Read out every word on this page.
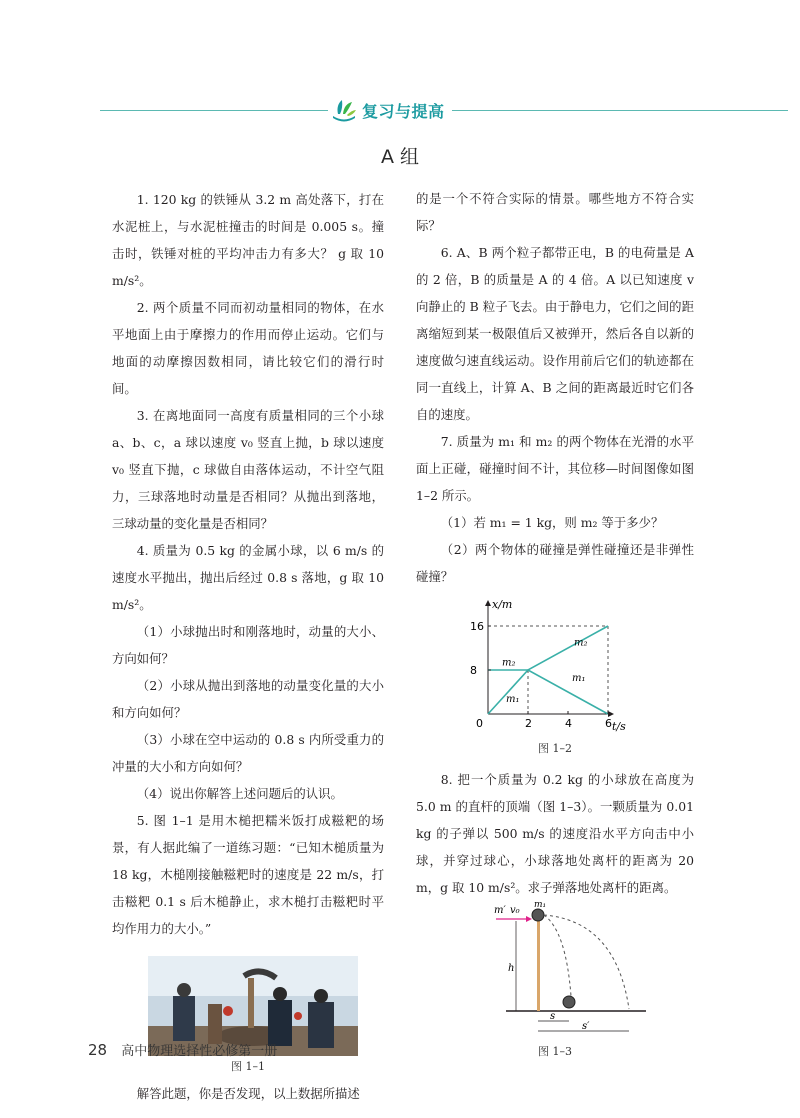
复习与提高
A 组

1. 120 kg 的铁锤从 3.2 m 高处落下，打在水泥桩上，与水泥桩撞击的时间是 0.005 s。撞击时，铁锤对桩的平均冲击力有多大？ g 取 10 m/s²。

2. 两个质量不同而初动量相同的物体，在水平地面上由于摩擦力的作用而停止运动。它们与地面的动摩擦因数相同，请比较它们的滑行时间。

3. 在离地面同一高度有质量相同的三个小球 a、b、c，a 球以速度 v₀ 竖直上抛，b 球以速度 v₀ 竖直下抛，c 球做自由落体运动，不计空气阻力，三球落地时动量是否相同？从抛出到落地，三球动量的变化量是否相同？

4. 质量为 0.5 kg 的金属小球，以 6 m/s 的速度水平抛出，抛出后经过 0.8 s 落地，g 取 10 m/s²。

（1）小球抛出时和刚落地时，动量的大小、方向如何？

（2）小球从抛出到落地的动量变化量的大小和方向如何？

（3）小球在空中运动的 0.8 s 内所受重力的冲量的大小和方向如何？

（4）说出你解答上述问题后的认识。

5. 图 1–1 是用木槌把糯米饭打成糍粑的场景，有人据此编了一道练习题：“已知木槌质量为 18 kg，木槌刚接触糍粑时的速度是 22 m/s，打击糍粑 0.1 s 后木槌静止，求木槌打击糍粑时平均作用力的大小。”

图 1–1

解答此题，你是否发现，以上数据所描述

的是一个不符合实际的情景。哪些地方不符合实际？

6. A、B 两个粒子都带正电，B 的电荷量是 A 的 2 倍，B 的质量是 A 的 4 倍。A 以已知速度 v 向静止的 B 粒子飞去。由于静电力，它们之间的距离缩短到某一极限值后又被弹开，然后各自以新的速度做匀速直线运动。设作用前后它们的轨迹都在同一直线上，计算 A、B 之间的距离最近时它们各自的速度。

7. 质量为 m₁ 和 m₂ 的两个物体在光滑的水平面上正碰，碰撞时间不计，其位移—时间图像如图 1–2 所示。

（1）若 m₁ = 1 kg，则 m₂ 等于多少？

（2）两个物体的碰撞是弹性碰撞还是非弹性碰撞？

x/m
t/s
m₂
m₂
m₁
m₁
0	2	4	6
8
16
图 1–2

8. 把一个质量为 0.2 kg 的小球放在高度为 5.0 m 的直杆的顶端（图 1–3）。一颗质量为 0.01 kg 的子弹以 500 m/s 的速度沿水平方向击中小球，并穿过球心，小球落地处离杆的距离为 20 m，g 取 10 m/s²。求子弹落地处离杆的距离。

h
m′ v₀ m₁
s
s′
图 1–3
28 高中物理选择性必修第一册
